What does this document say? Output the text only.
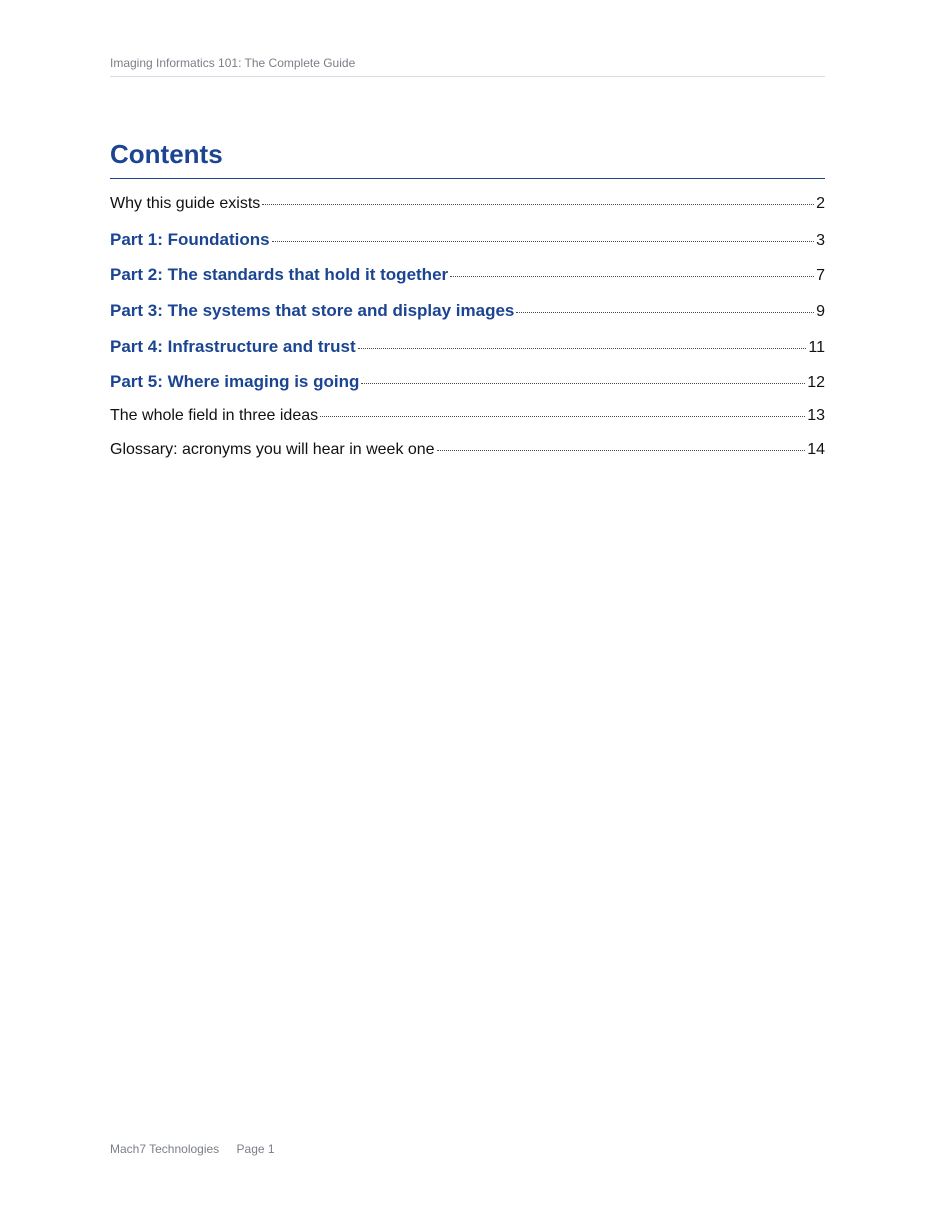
Imaging Informatics 101: The Complete Guide
Contents
Why this guide exists	2
Part 1: Foundations	3
Part 2: The standards that hold it together	7
Part 3: The systems that store and display images	9
Part 4: Infrastructure and trust	11
Part 5: Where imaging is going	12
The whole field in three ideas	13
Glossary: acronyms you will hear in week one	14
Mach7 Technologies Page 1
